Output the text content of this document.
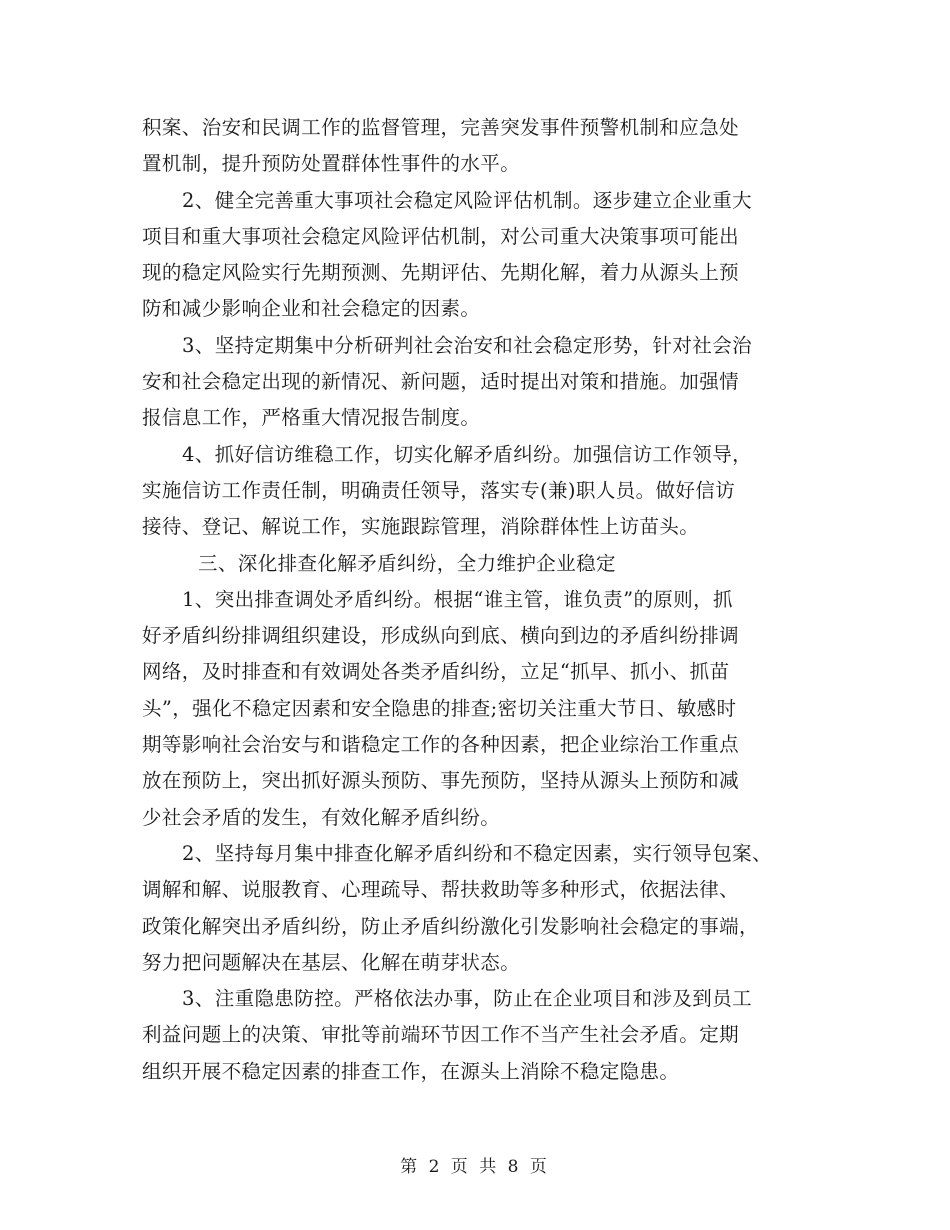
积案、治安和民调工作的监督管理，完善突发事件预警机制和应急处
置机制，提升预防处置群体性事件的水平。
2、健全完善重大事项社会稳定风险评估机制。逐步建立企业重大
项目和重大事项社会稳定风险评估机制，对公司重大决策事项可能出
现的稳定风险实行先期预测、先期评估、先期化解，着力从源头上预
防和减少影响企业和社会稳定的因素。
3、坚持定期集中分析研判社会治安和社会稳定形势，针对社会治
安和社会稳定出现的新情况、新问题，适时提出对策和措施。加强情
报信息工作，严格重大情况报告制度。
4、抓好信访维稳工作，切实化解矛盾纠纷。加强信访工作领导，
实施信访工作责任制，明确责任领导，落实专(兼)职人员。做好信访
接待、登记、解说工作，实施跟踪管理，消除群体性上访苗头。
三、深化排查化解矛盾纠纷，全力维护企业稳定
1、突出排查调处矛盾纠纷。根据“谁主管，谁负责”的原则，抓
好矛盾纠纷排调组织建设，形成纵向到底、横向到边的矛盾纠纷排调
网络，及时排查和有效调处各类矛盾纠纷，立足“抓早、抓小、抓苗
头”，强化不稳定因素和安全隐患的排查;密切关注重大节日、敏感时
期等影响社会治安与和谐稳定工作的各种因素，把企业综治工作重点
放在预防上，突出抓好源头预防、事先预防，坚持从源头上预防和减
少社会矛盾的发生，有效化解矛盾纠纷。
2、坚持每月集中排查化解矛盾纠纷和不稳定因素，实行领导包案、
调解和解、说服教育、心理疏导、帮扶救助等多种形式，依据法律、
政策化解突出矛盾纠纷，防止矛盾纠纷激化引发影响社会稳定的事端，
努力把问题解决在基层、化解在萌芽状态。
3、注重隐患防控。严格依法办事，防止在企业项目和涉及到员工
利益问题上的决策、审批等前端环节因工作不当产生社会矛盾。定期
组织开展不稳定因素的排查工作，在源头上消除不稳定隐患。
第 2 页 共 8 页
